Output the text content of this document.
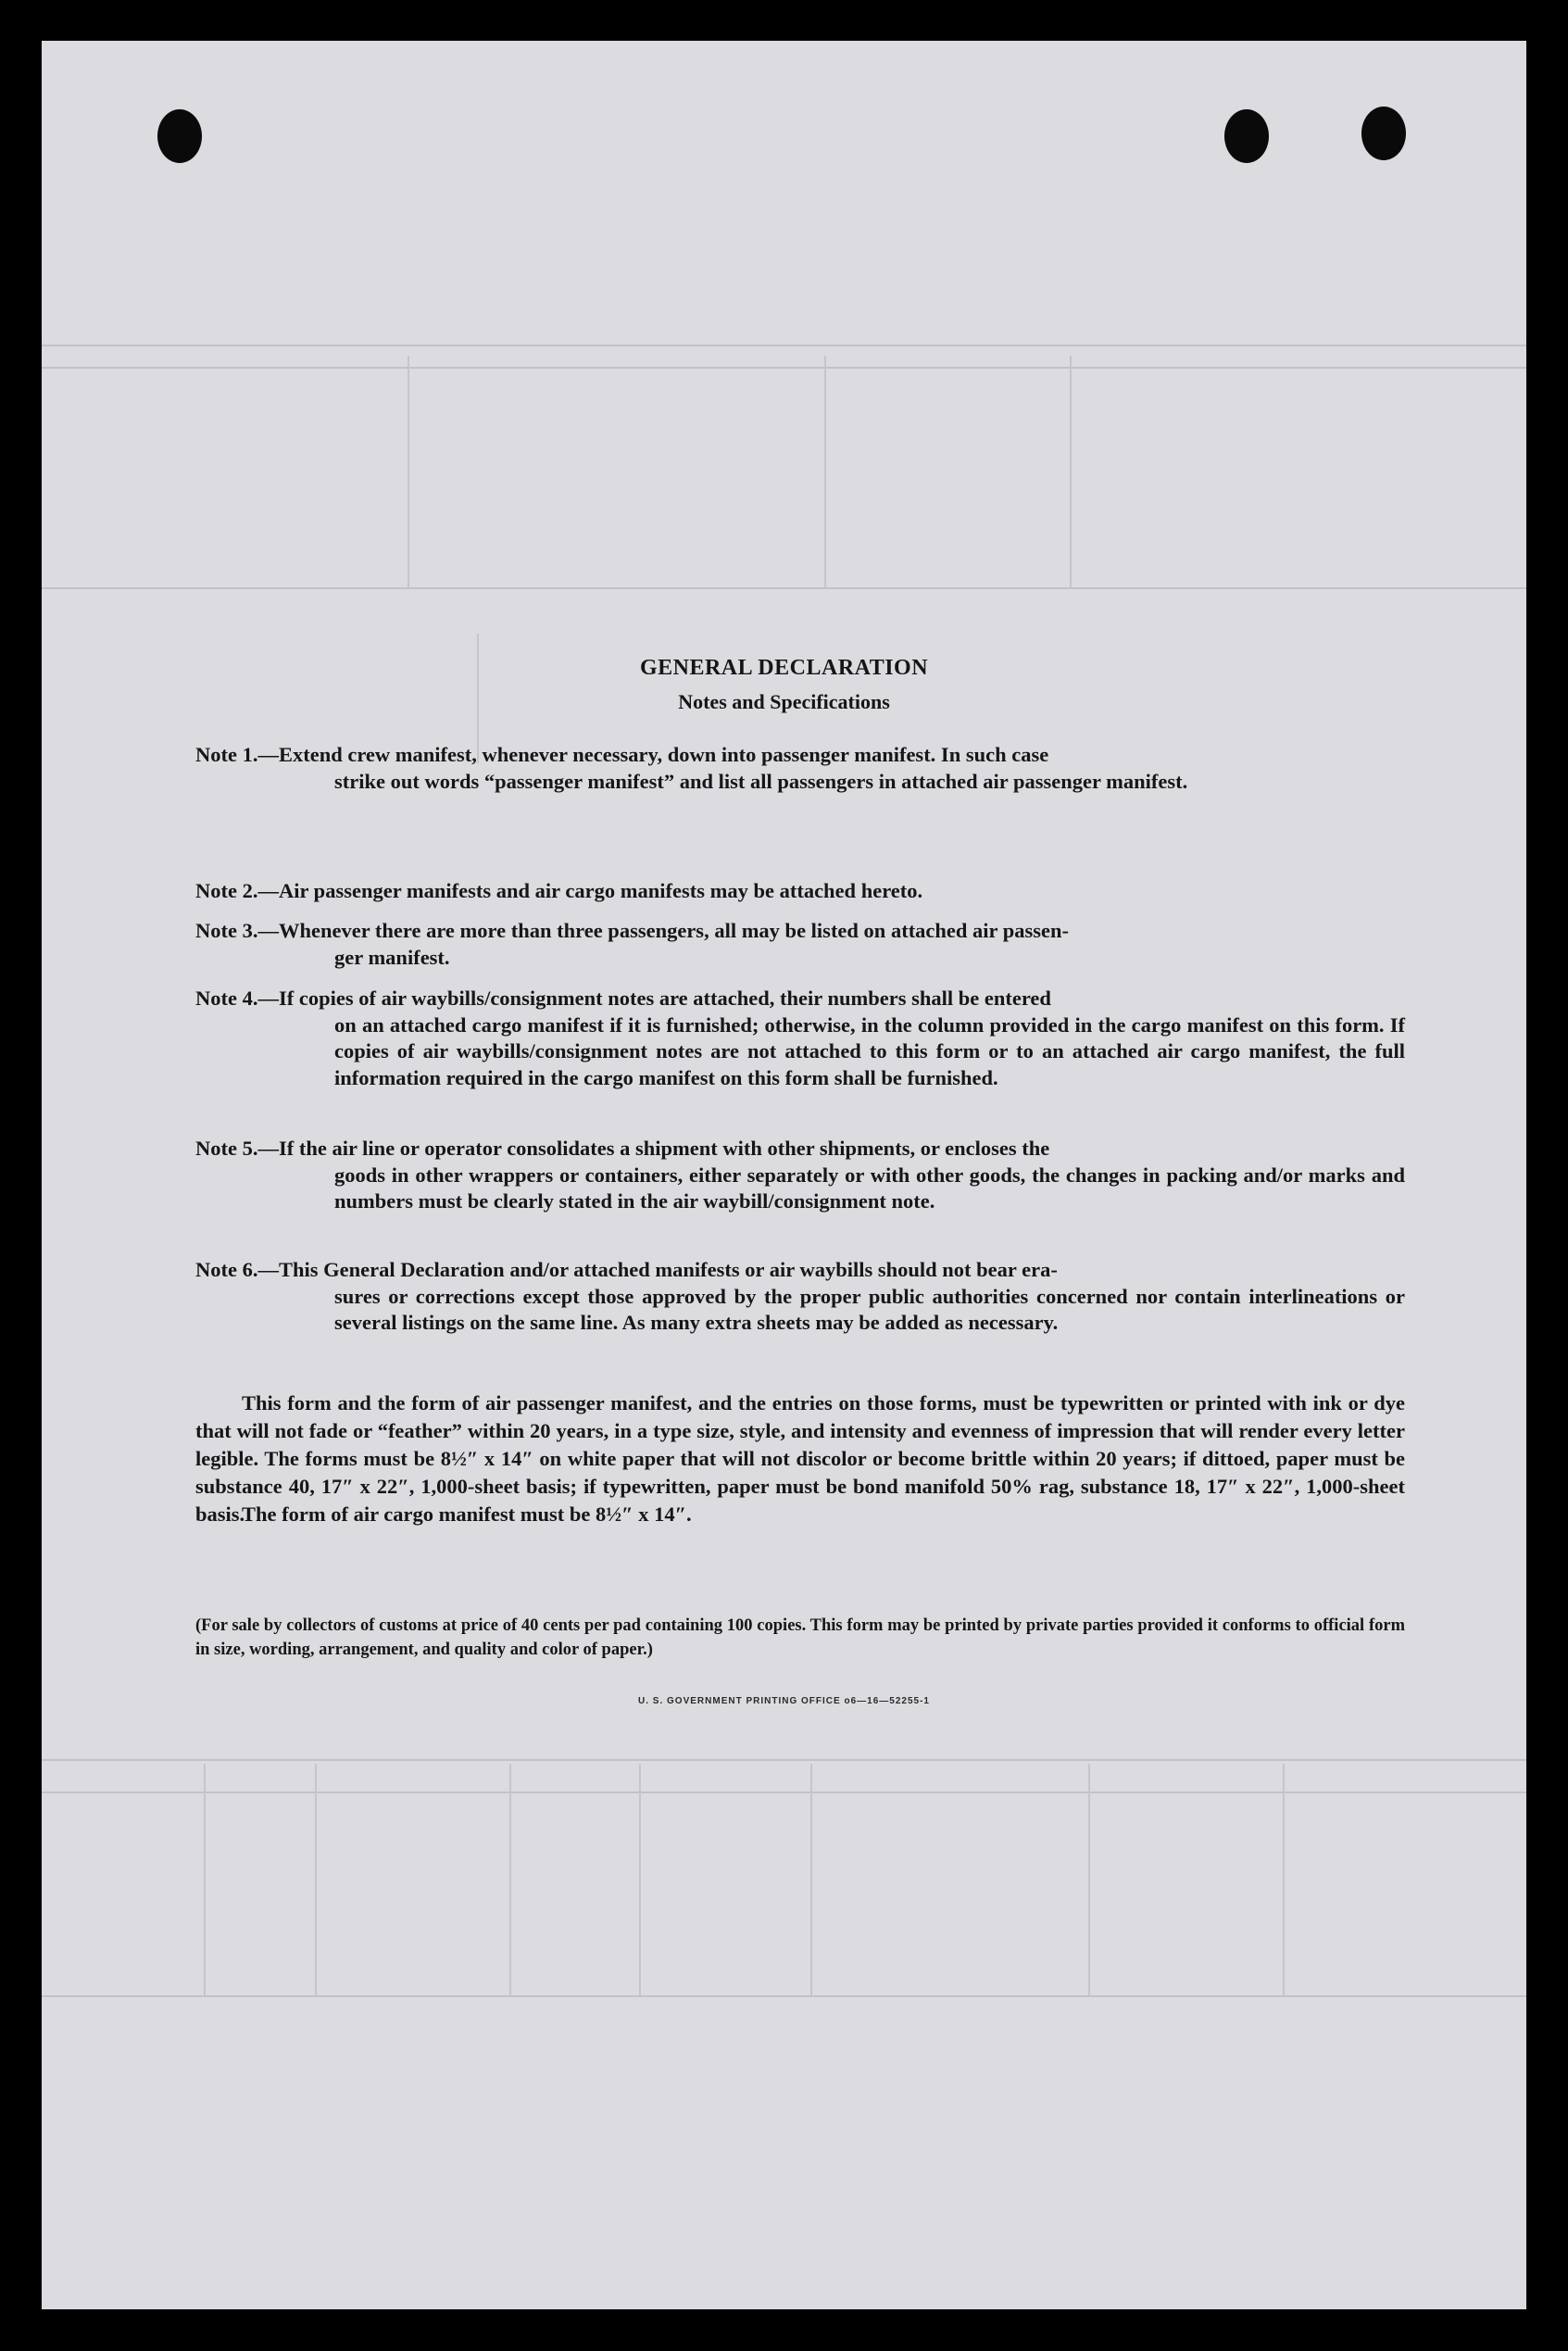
GENERAL DECLARATION
Notes and Specifications
Note 1.—Extend crew manifest, whenever necessary, down into passenger manifest. In such case
strike out words “passenger manifest” and list all passengers in attached air passenger manifest.
Note 2.—Air passenger manifests and air cargo manifests may be attached hereto.
Note 3.—Whenever there are more than three passengers, all may be listed on attached air passen-
ger manifest.
Note 4.—If copies of air waybills/consignment notes are attached, their numbers shall be entered
on an attached cargo manifest if it is furnished; otherwise, in the column provided in the cargo manifest on this form. If copies of air waybills/consignment notes are not attached to this form or to an attached air cargo manifest, the full information required in the cargo manifest on this form shall be furnished.
Note 5.—If the air line or operator consolidates a shipment with other shipments, or encloses the
goods in other wrappers or containers, either separately or with other goods, the changes in packing and/or marks and numbers must be clearly stated in the air waybill/consignment note.
Note 6.—This General Declaration and/or attached manifests or air waybills should not bear era-
sures or corrections except those approved by the proper public authorities concerned nor contain interlineations or several listings on the same line. As many extra sheets may be added as necessary.
This form and the form of air passenger manifest, and the entries on those forms, must be typewritten or printed with ink or dye that will not fade or “feather” within 20 years, in a type size, style, and intensity and evenness of impression that will render every letter legible. The forms must be 8½″ x 14″ on white paper that will not discolor or become brittle within 20 years; if dittoed, paper must be substance 40, 17″ x 22″, 1,000-sheet basis; if typewritten, paper must be bond manifold 50% rag, substance 18, 17″ x 22″, 1,000-sheet basis.
The form of air cargo manifest must be 8½″ x 14″.
(For sale by collectors of customs at price of 40 cents per pad containing 100 copies. This form may be printed by private parties provided it conforms to official form in size, wording, arrangement, and quality and color of paper.)
U. S. GOVERNMENT PRINTING OFFICE o6—16—52255-1
